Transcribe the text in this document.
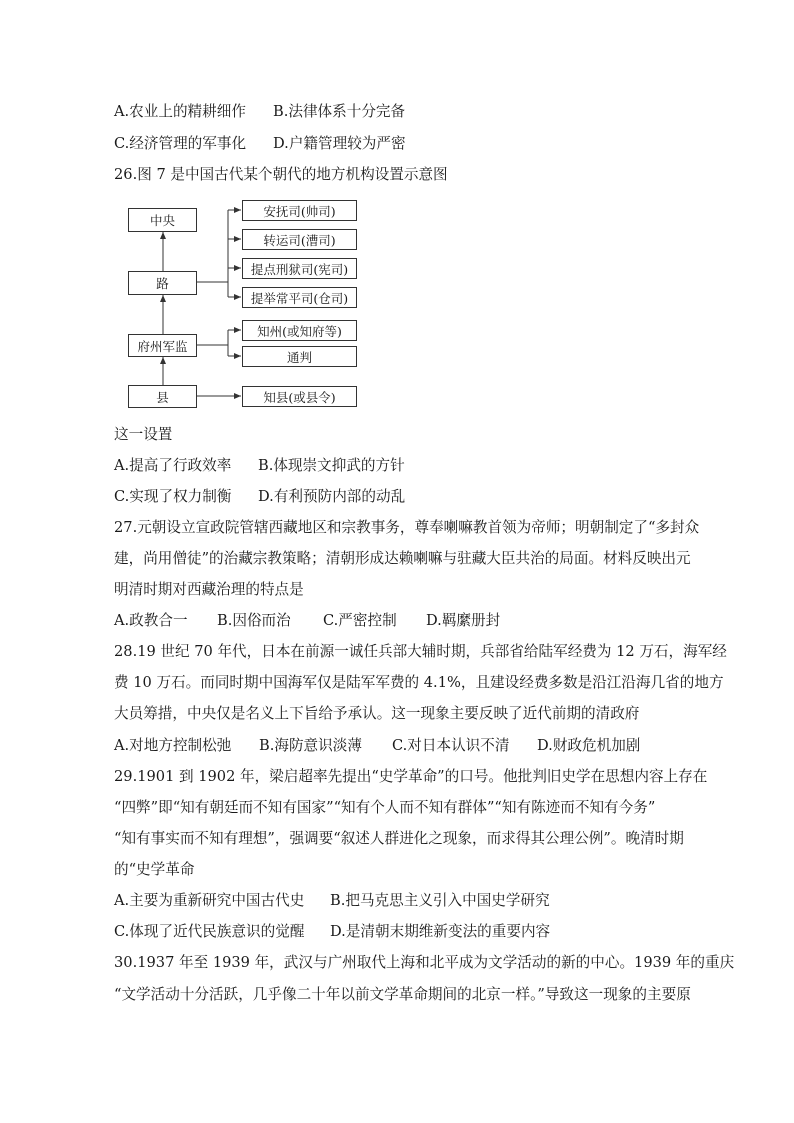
A.农业上的精耕细作 B.法律体系十分完备
C.经济管理的军事化 D.户籍管理较为严密
26.图 7 是中国古代某个朝代的地方机构设置示意图
中央
路
府州军监
县
安抚司(帅司)
转运司(漕司)
提点刑狱司(宪司)
提举常平司(仓司)
知州(或知府等)
通判
知县(或县令)
这一设置
A.提高了行政效率 B.体现崇文抑武的方针
C.实现了权力制衡 D.有利预防内部的动乱
27.元朝设立宣政院管辖西藏地区和宗教事务，尊奉喇嘛教首领为帝师；明朝制定了“多封众
建，尚用僧徒”的治藏宗教策略；清朝形成达赖喇嘛与驻藏大臣共治的局面。材料反映出元
明清时期对西藏治理的特点是
A.政教合一 B.因俗而治 C.严密控制 D.羁縻册封
28.19 世纪 70 年代，日本在前源一诚任兵部大辅时期，兵部省给陆军经费为 12 万石，海军经
费 10 万石。而同时期中国海军仅是陆军军费的 4.1%，且建设经费多数是沿江沿海几省的地方
大员筹措，中央仅是名义上下旨给予承认。这一现象主要反映了近代前期的清政府
A.对地方控制松弛 B.海防意识淡薄 C.对日本认识不清 D.财政危机加剧
29.1901 到 1902 年，梁启超率先提出“史学革命”的口号。他批判旧史学在思想内容上存在
“四弊”即“知有朝廷而不知有国家”“知有个人而不知有群体”“知有陈迹而不知有今务”
“知有事实而不知有理想”，强调要“叙述人群进化之现象，而求得其公理公例”。晚清时期
的“史学革命
A.主要为重新研究中国古代史 B.把马克思主义引入中国史学研究
C.体现了近代民族意识的觉醒 D.是清朝末期维新变法的重要内容
30.1937 年至 1939 年，武汉与广州取代上海和北平成为文学活动的新的中心。1939 年的重庆
“文学活动十分活跃，几乎像二十年以前文学革命期间的北京一样。”导致这一现象的主要原
